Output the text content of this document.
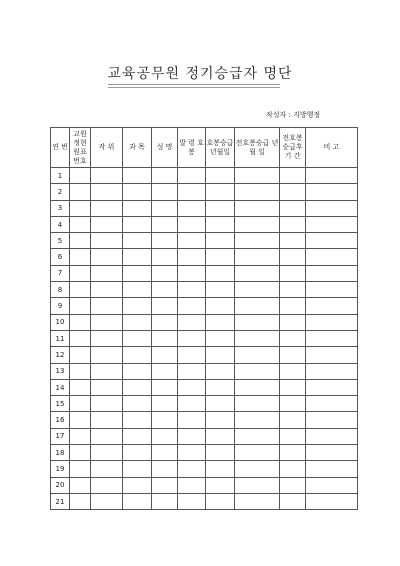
교육공무원 정기승급자 명단
작성자 : 지방행정
연 번	교원 정현 원표 번호	작 위	과 목	성 명	발 령 호 봉	호봉승급 년월일	전호봉승급 년 월 일	전호봉 승급후 기 간	비 고
1									
2									
3									
4									
5									
6									
7									
8									
9									
10									
11									
12									
13									
14									
15									
16									
17									
18									
19									
20									
21									
